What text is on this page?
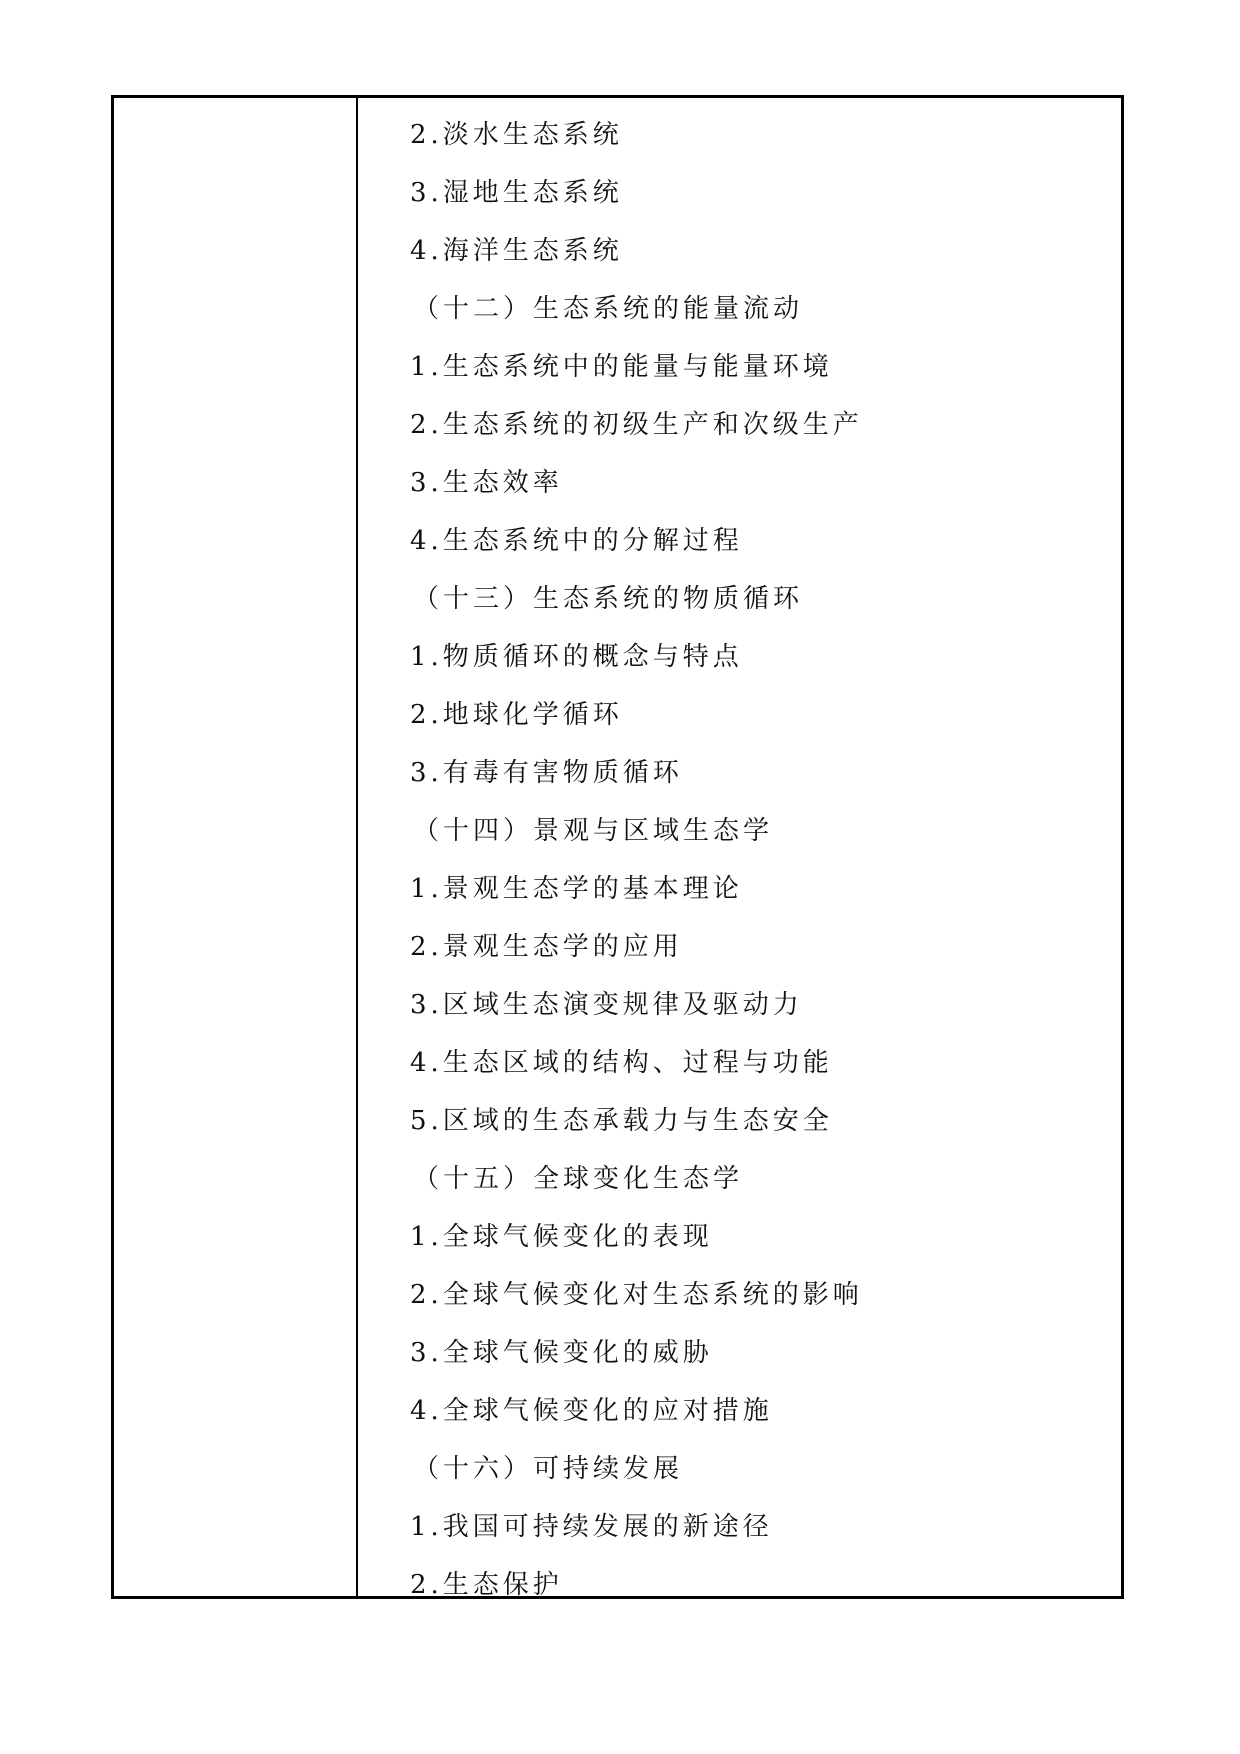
2.淡水生态系统
3.湿地生态系统
4.海洋生态系统
（十二）生态系统的能量流动
1.生态系统中的能量与能量环境
2.生态系统的初级生产和次级生产
3.生态效率
4.生态系统中的分解过程
（十三）生态系统的物质循环
1.物质循环的概念与特点
2.地球化学循环
3.有毒有害物质循环
（十四）景观与区域生态学
1.景观生态学的基本理论
2.景观生态学的应用
3.区域生态演变规律及驱动力
4.生态区域的结构、过程与功能
5.区域的生态承载力与生态安全
（十五）全球变化生态学
1.全球气候变化的表现
2.全球气候变化对生态系统的影响
3.全球气候变化的威胁
4.全球气候变化的应对措施
（十六）可持续发展
1.我国可持续发展的新途径
2.生态保护
